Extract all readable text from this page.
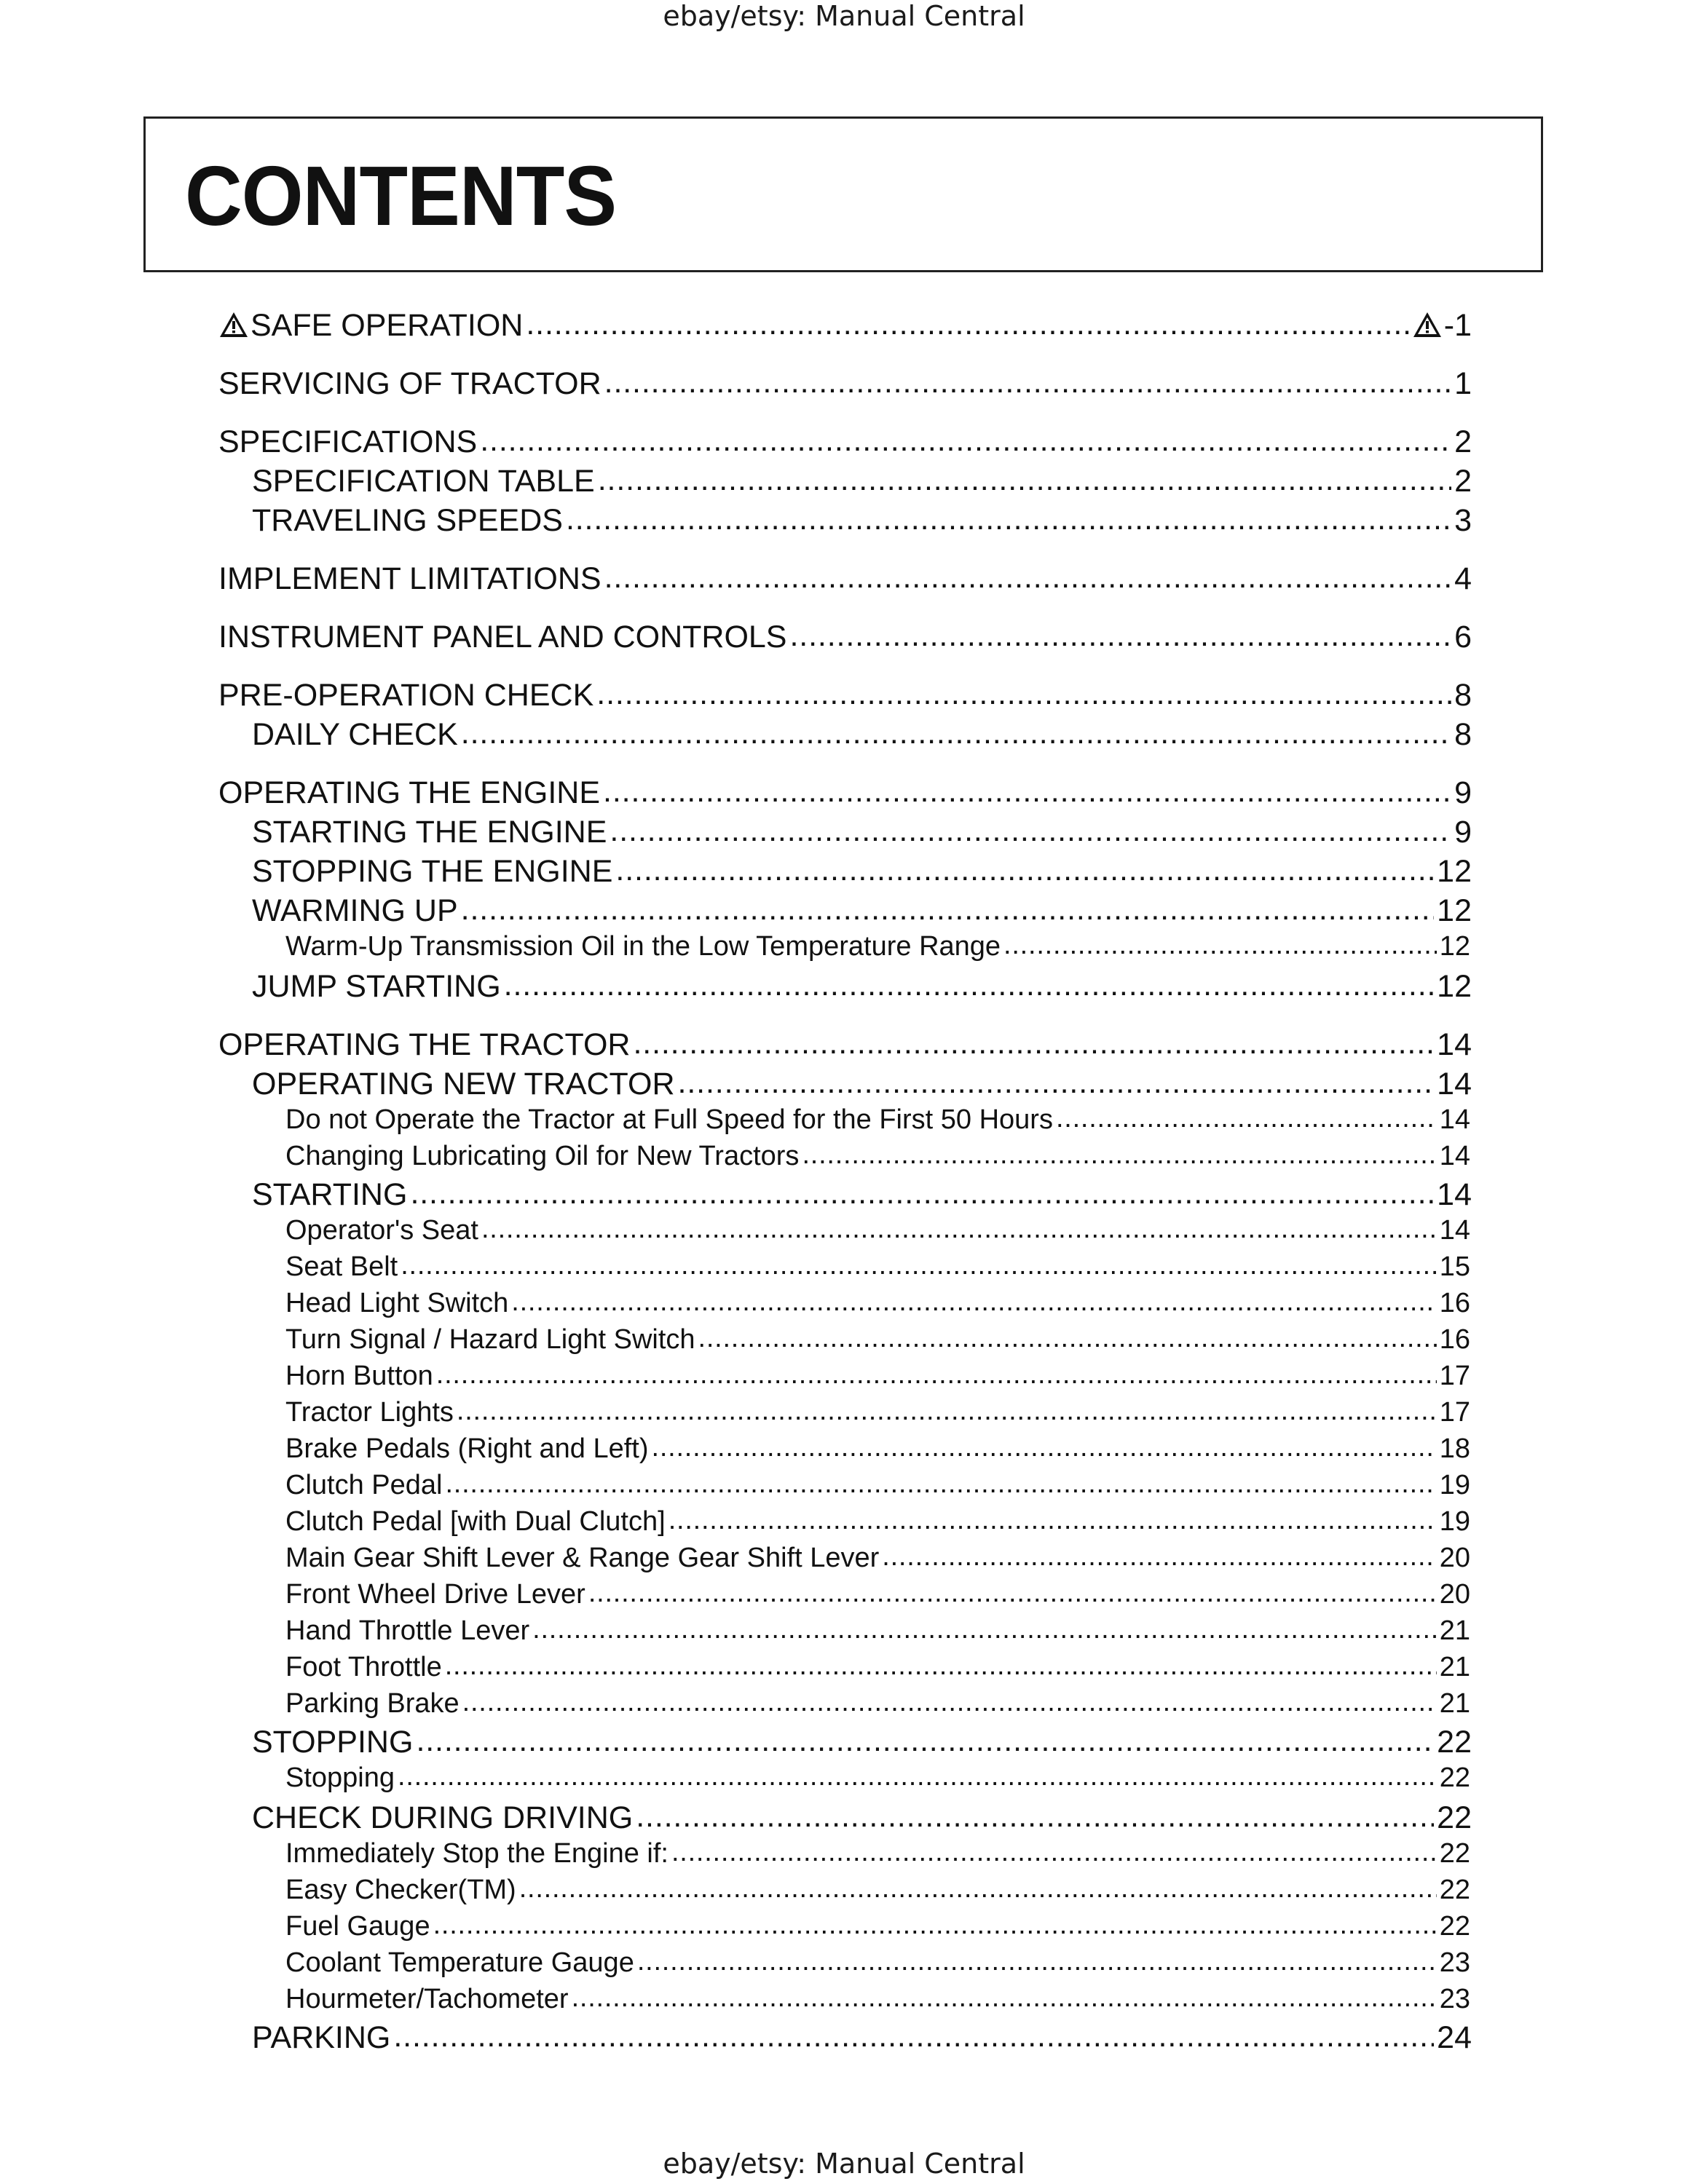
ebay/etsy: Manual Central
CONTENTS
SAFE OPERATION .....	-1
SERVICING OF TRACTOR .....	1
SPECIFICATIONS .....	2
SPECIFICATION TABLE .....	2
TRAVELING SPEEDS .....	3
IMPLEMENT LIMITATIONS .....	4
INSTRUMENT PANEL AND CONTROLS .....	6
PRE-OPERATION CHECK .....	8
DAILY CHECK .....	8
OPERATING THE ENGINE .....	9
STARTING THE ENGINE .....	9
STOPPING THE ENGINE .....	12
WARMING UP .....	12
Warm-Up Transmission Oil in the Low Temperature Range .....	12
JUMP STARTING .....	12
OPERATING THE TRACTOR .....	14
OPERATING NEW TRACTOR .....	14
Do not Operate the Tractor at Full Speed for the First 50 Hours .....	14
Changing Lubricating Oil for New Tractors .....	14
STARTING .....	14
Operator's Seat .....	14
Seat Belt .....	15
Head Light Switch .....	16
Turn Signal / Hazard Light Switch .....	16
Horn Button .....	17
Tractor Lights .....	17
Brake Pedals (Right and Left) .....	18
Clutch Pedal .....	19
Clutch Pedal [with Dual Clutch] .....	19
Main Gear Shift Lever & Range Gear Shift Lever .....	20
Front Wheel Drive Lever .....	20
Hand Throttle Lever .....	21
Foot Throttle .....	21
Parking Brake .....	21
STOPPING .....	22
Stopping .....	22
CHECK DURING DRIVING .....	22
Immediately Stop the Engine if: .....	22
Easy Checker(TM) .....	22
Fuel Gauge .....	22
Coolant Temperature Gauge .....	23
Hourmeter/Tachometer .....	23
PARKING .....	24
ebay/etsy: Manual Central
